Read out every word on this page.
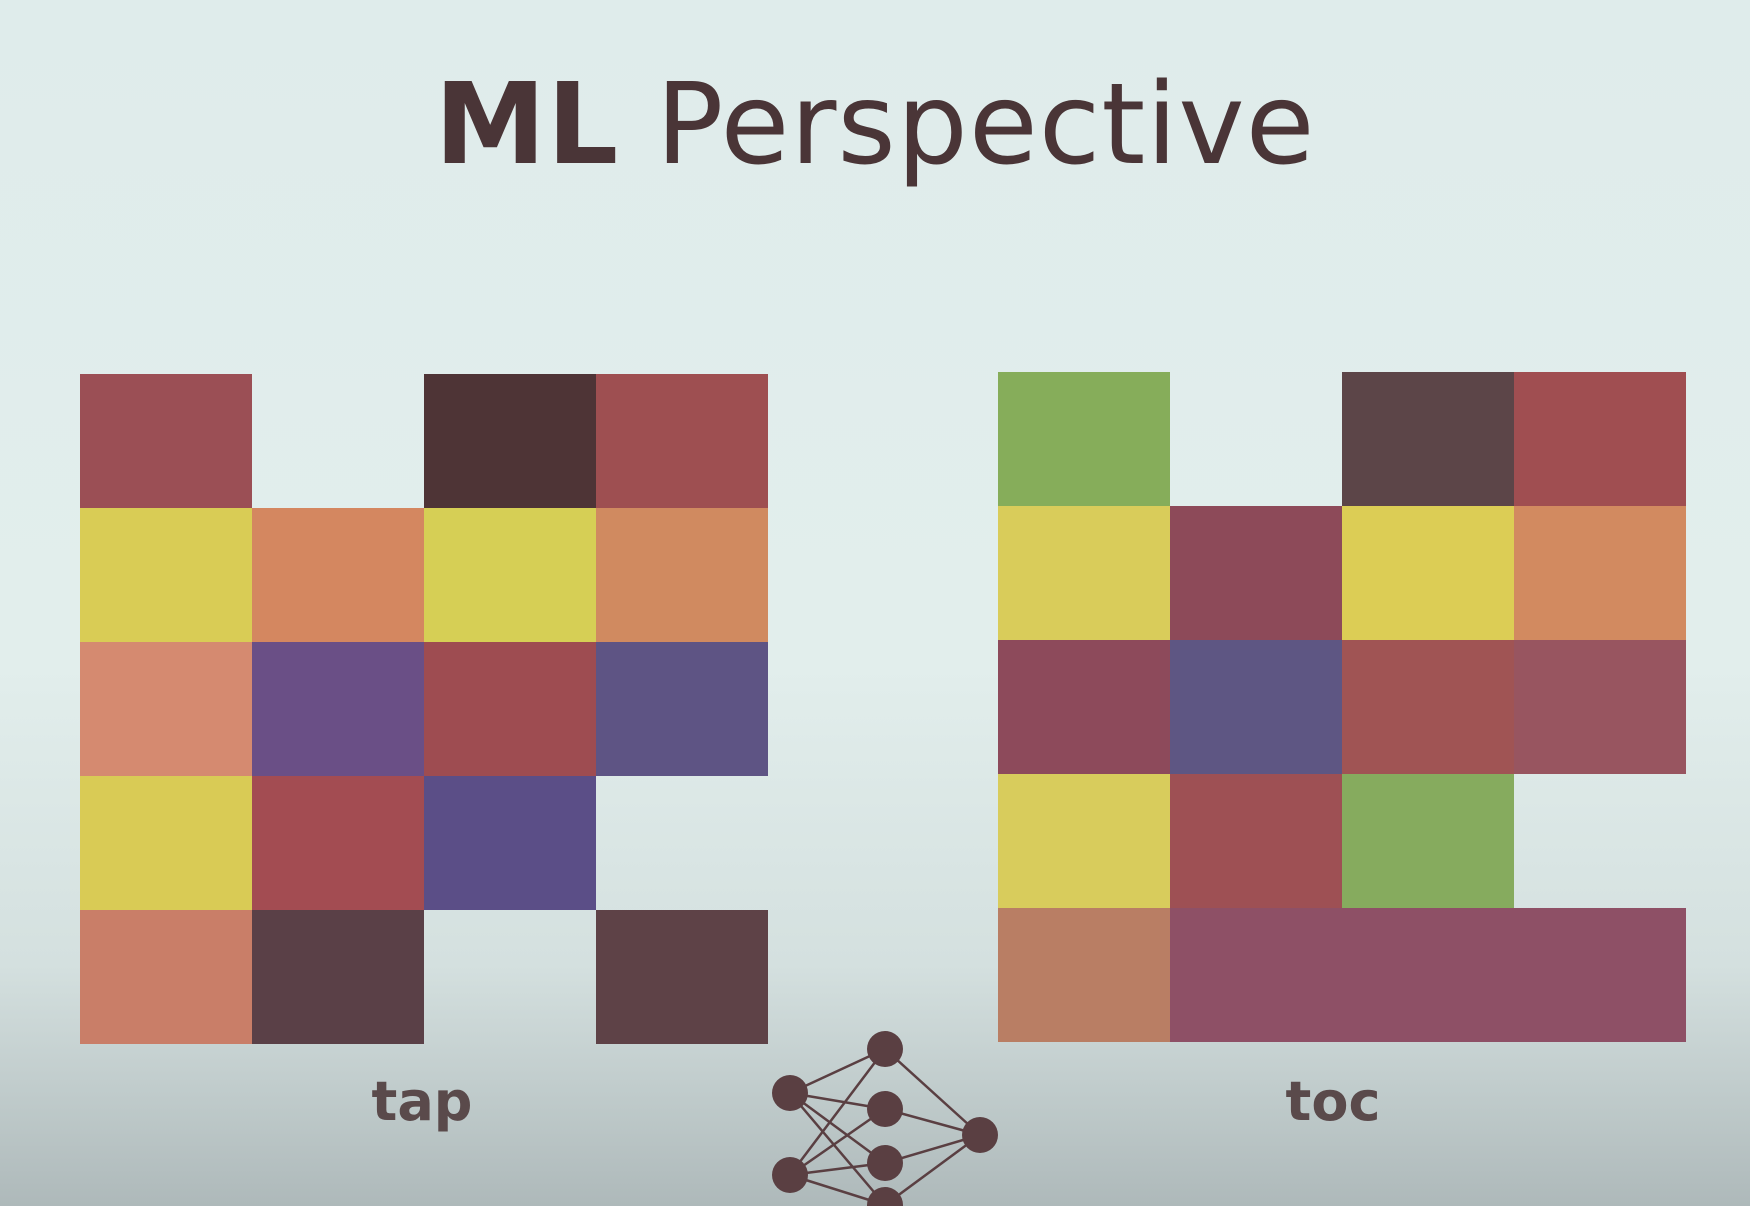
ML Perspective
tap	toc
